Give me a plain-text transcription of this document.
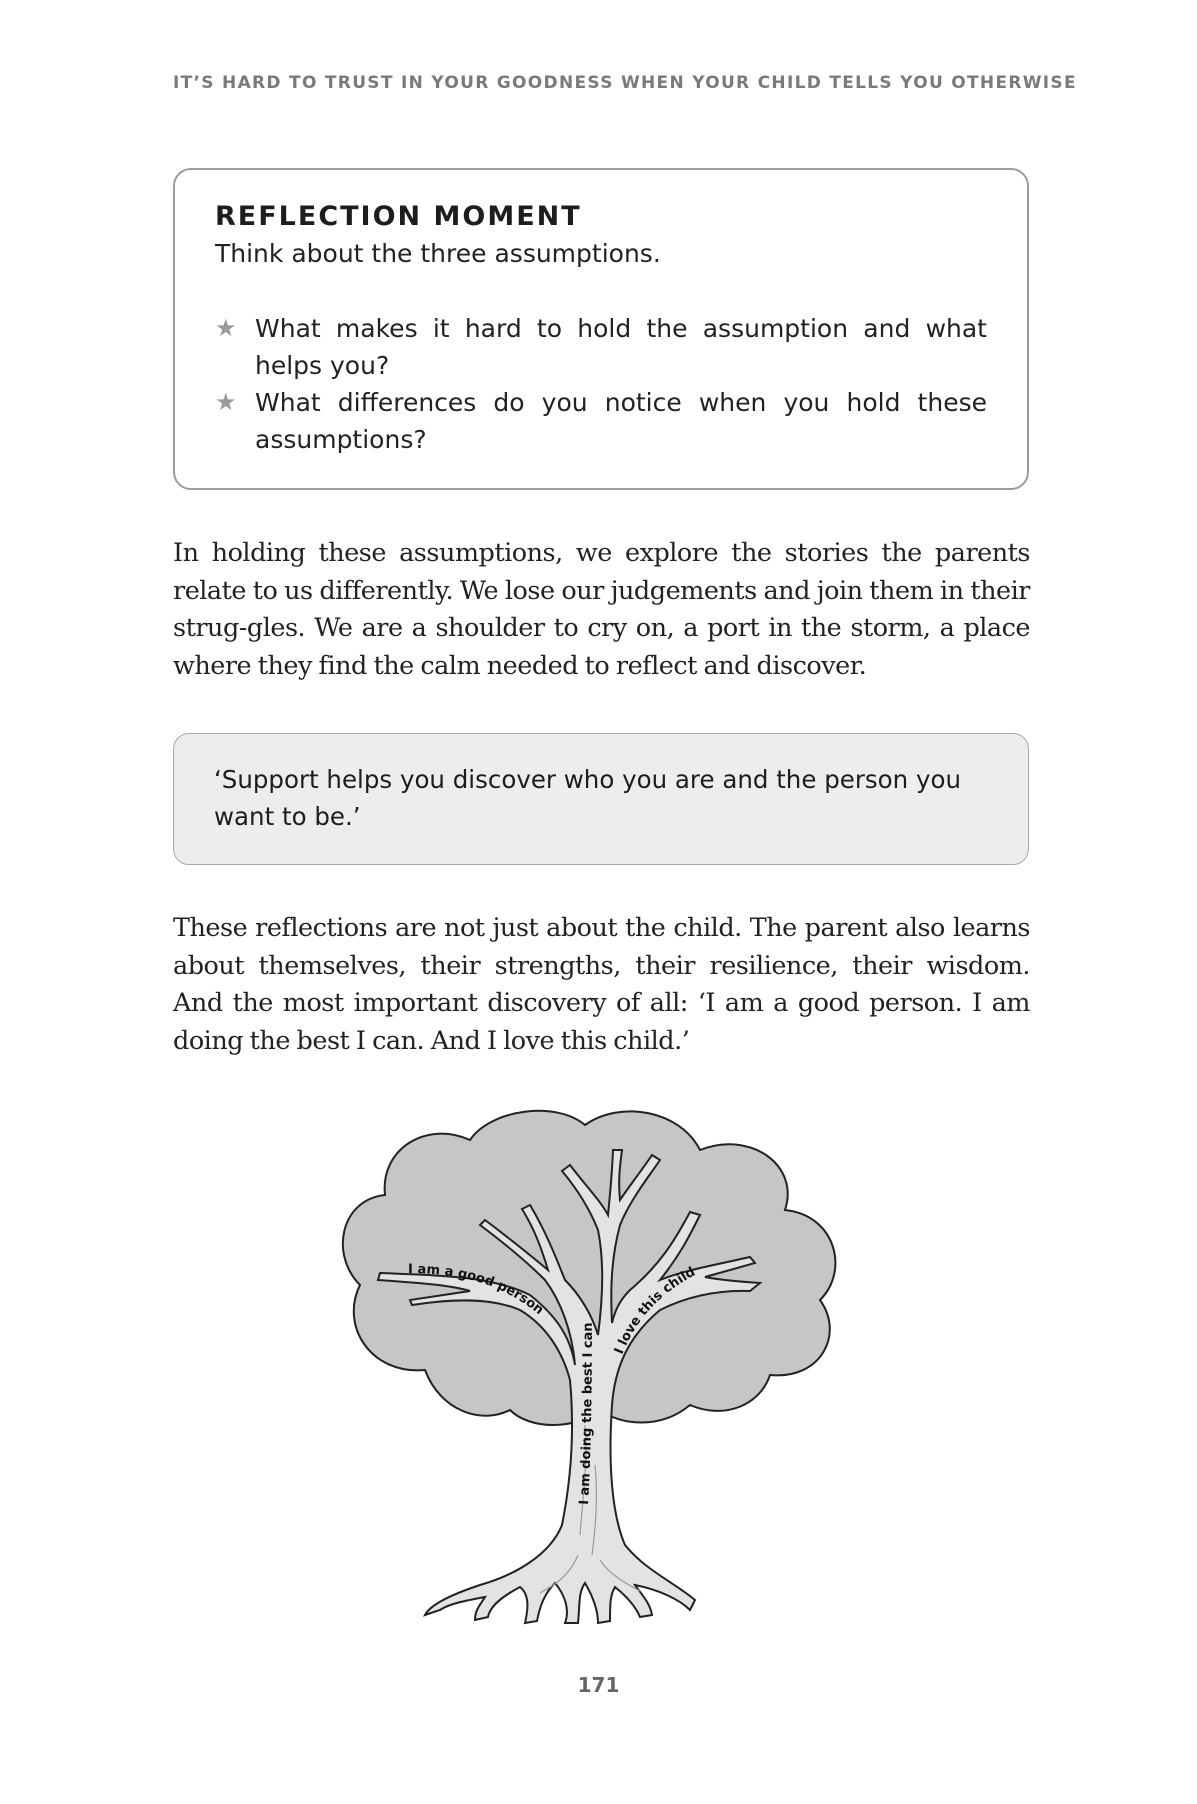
IT’S HARD TO TRUST IN YOUR GOODNESS WHEN YOUR CHILD TELLS YOU OTHERWISE
REFLECTION MOMENT
Think about the three assumptions.
★ What makes it hard to hold the assumption and what helps you?
★ What differences do you notice when you hold these assumptions?

In holding these assumptions, we explore the stories the parents relate to us differently. We lose our judgements and join them in their strug-gles. We are a shoulder to cry on, a port in the storm, a place where they find the calm needed to reflect and discover.

‘Support helps you discover who you are and the person you want to be.’

These reflections are not just about the child. The parent also learns about themselves, their strengths, their resilience, their wisdom. And the most important discovery of all: ‘I am a good person. I am doing the best I can. And I love this child.’

I am a good person
I am doing the best I can
I love this child
171
